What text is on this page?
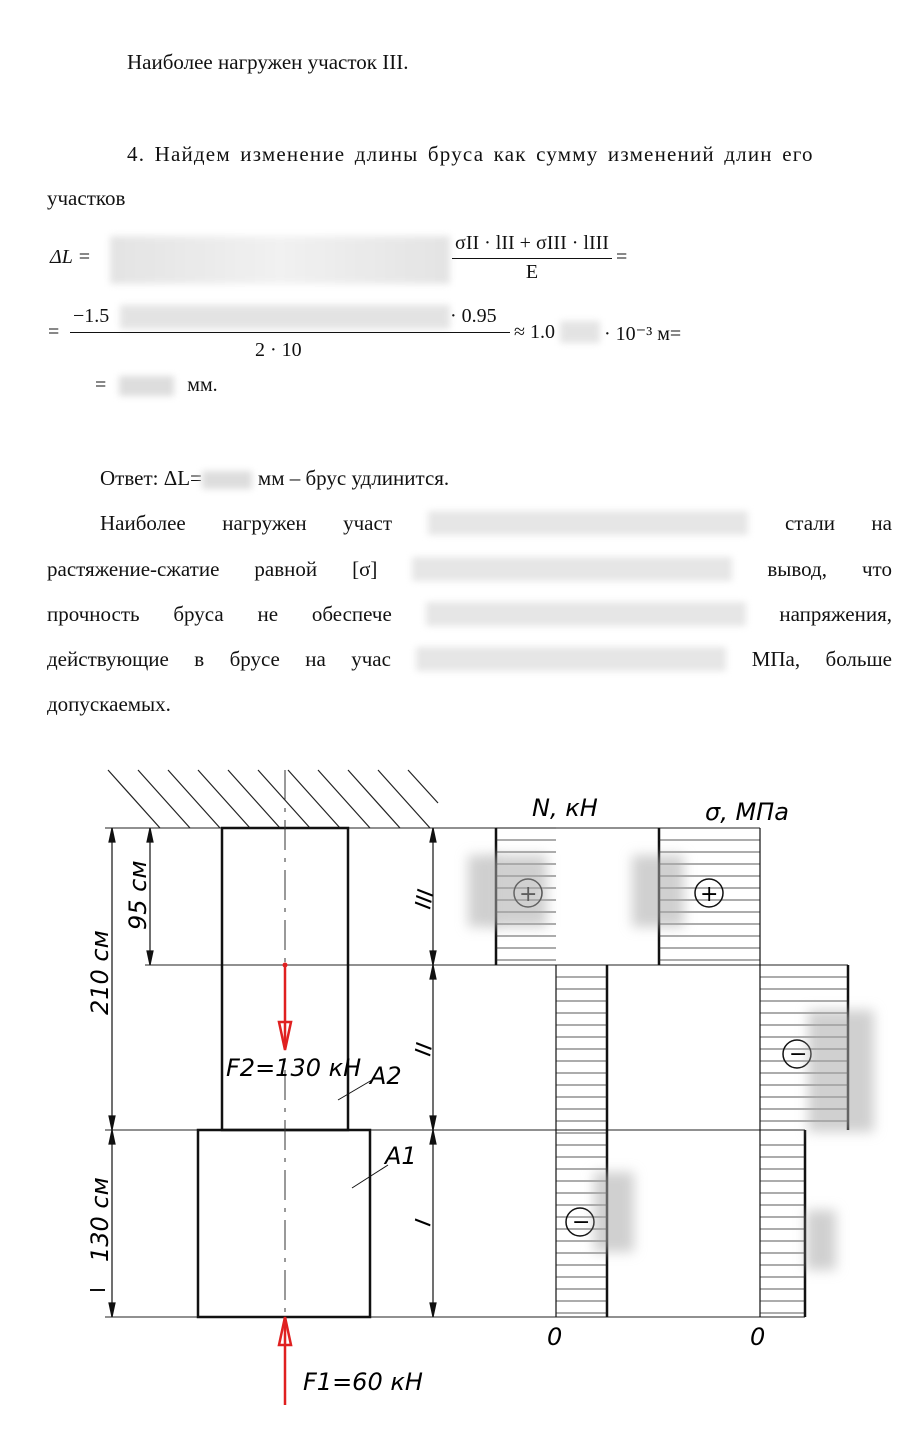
Наиболее нагружен участок III.
4. Найдем изменение длины бруса как сумму изменений длин его
участков
ΔL =
σII · lII + σIII · lIII
E
=
=
−1.5	· 0.95
2 · 10
≈ 1.0 · 10⁻³ м=
=	мм.
Ответ: ΔL=	мм – брус удлинится.
Наиболее нагружен участ	стали на
растяжение-сжатие равной [σ]	вывод, что
прочность бруса не обеспече	напряжения,
действующие в брусе на учас	МПа, больше
допускаемых.
210 см
95 см
130 см
III
II
I
F2=130 кН
F1=60 кН
A2
A1
N, кН
−
0
σ, МПа
+
−
0
